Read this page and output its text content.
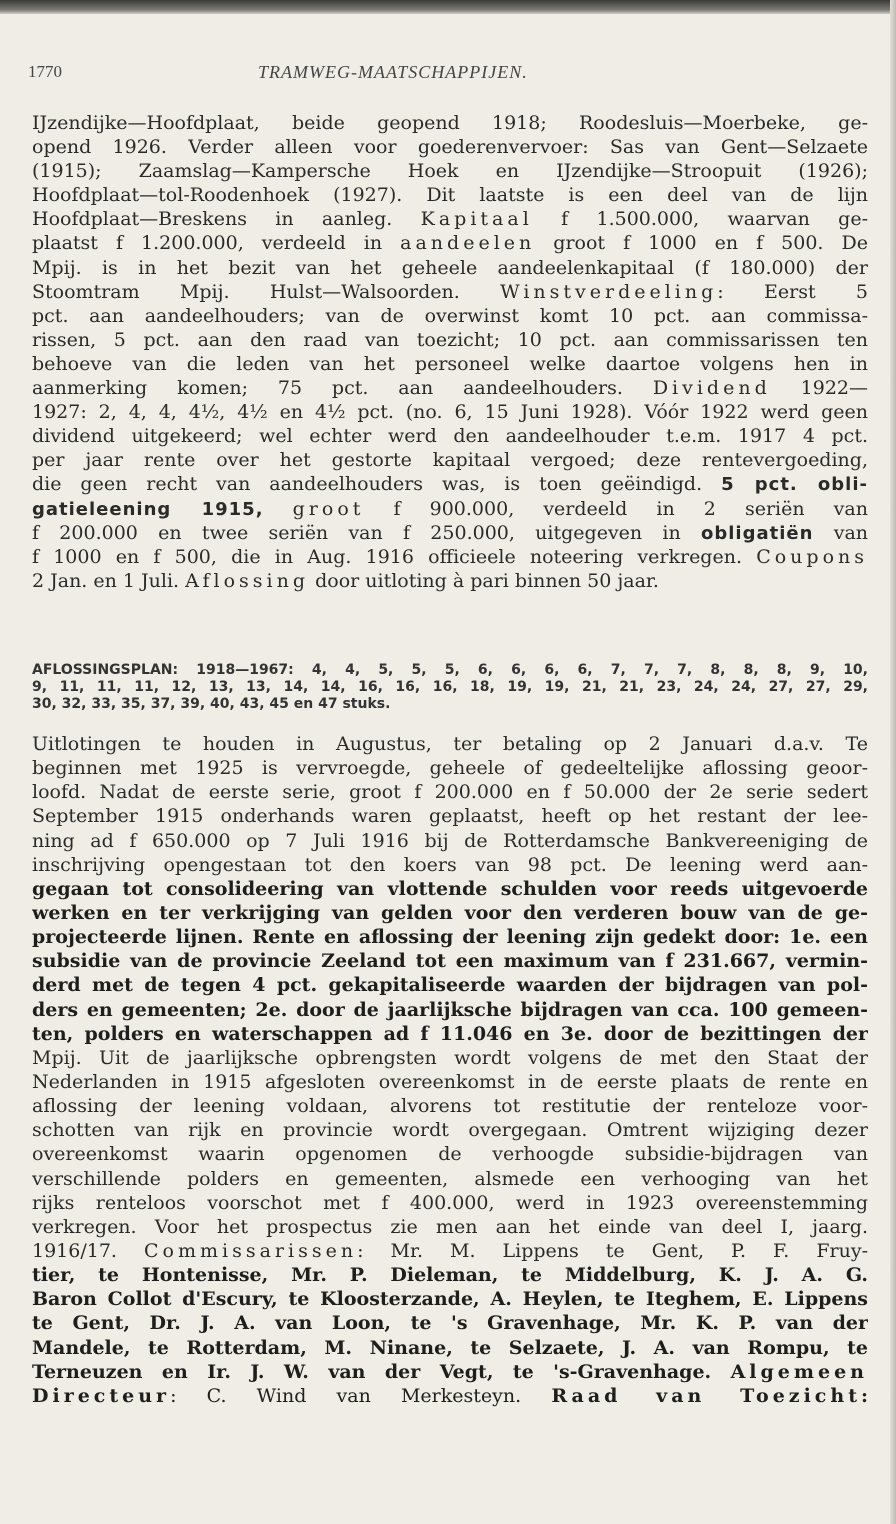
1770	TRAMWEG-MAATSCHAPPIJEN.
IJzendijke—Hoofdplaat, beide geopend 1918; Roodesluis—Moerbeke, ge-
opend 1926. Verder alleen voor goederenvervoer: Sas van Gent—Selzaete
(1915); Zaamslag—Kampersche Hoek en IJzendijke—Stroopuit (1926);
Hoofdplaat—tol-Roodenhoek (1927). Dit laatste is een deel van de lijn
Hoofdplaat—Breskens in aanleg. Kapitaal f 1.500.000, waarvan ge-
plaatst f 1.200.000, verdeeld in aandeelen groot f 1000 en f 500. De
Mpij. is in het bezit van het geheele aandeelenkapitaal (f 180.000) der
Stoomtram Mpij. Hulst—Walsoorden. Winstverdeeling: Eerst 5
pct. aan aandeelhouders; van de overwinst komt 10 pct. aan commissa-
rissen, 5 pct. aan den raad van toezicht; 10 pct. aan commissarissen ten
behoeve van die leden van het personeel welke daartoe volgens hen in
aanmerking komen; 75 pct. aan aandeelhouders. Dividend 1922—
1927: 2, 4, 4, 4½, 4½ en 4½ pct. (no. 6, 15 Juni 1928). Vóór 1922 werd geen
dividend uitgekeerd; wel echter werd den aandeelhouder t.e.m. 1917 4 pct.
per jaar rente over het gestorte kapitaal vergoed; deze rentevergoeding,
die geen recht van aandeelhouders was, is toen geëindigd. 5 pct. obli-
gatieleening 1915, groot f 900.000, verdeeld in 2 seriën van
f 200.000 en twee seriën van f 250.000, uitgegeven in obligatiën van
f 1000 en f 500, die in Aug. 1916 officieele noteering verkregen. Coupons
2 Jan. en 1 Juli. Aflossing door uitloting à pari binnen 50 jaar.
AFLOSSINGSPLAN: 1918—1967: 4, 4, 5, 5, 5, 6, 6, 6, 6, 7, 7, 7, 8, 8, 8, 9, 10,
9, 11, 11, 11, 12, 13, 13, 14, 14, 16, 16, 16, 18, 19, 19, 21, 21, 23, 24, 24, 27, 27, 29,
30, 32, 33, 35, 37, 39, 40, 43, 45 en 47 stuks.
Uitlotingen te houden in Augustus, ter betaling op 2 Januari d.a.v. Te
beginnen met 1925 is vervroegde, geheele of gedeeltelijke aflossing geoor-
loofd. Nadat de eerste serie, groot f 200.000 en f 50.000 der 2e serie sedert
September 1915 onderhands waren geplaatst, heeft op het restant der lee-
ning ad f 650.000 op 7 Juli 1916 bij de Rotterdamsche Bankvereeniging de
inschrijving opengestaan tot den koers van 98 pct. De leening werd aan-
gegaan tot consolideering van vlottende schulden voor reeds uitgevoerde
werken en ter verkrijging van gelden voor den verderen bouw van de ge-
projecteerde lijnen. Rente en aflossing der leening zijn gedekt door: 1e. een
subsidie van de provincie Zeeland tot een maximum van f 231.667, vermin-
derd met de tegen 4 pct. gekapitaliseerde waarden der bijdragen van pol-
ders en gemeenten; 2e. door de jaarlijksche bijdragen van cca. 100 gemeen-
ten, polders en waterschappen ad f 11.046 en 3e. door de bezittingen der
Mpij. Uit de jaarlijksche opbrengsten wordt volgens de met den Staat der
Nederlanden in 1915 afgesloten overeenkomst in de eerste plaats de rente en
aflossing der leening voldaan, alvorens tot restitutie der renteloze voor-
schotten van rijk en provincie wordt overgegaan. Omtrent wijziging dezer
overeenkomst waarin opgenomen de verhoogde subsidie-bijdragen van
verschillende polders en gemeenten, alsmede een verhooging van het
rijks renteloos voorschot met f 400.000, werd in 1923 overeenstemming
verkregen. Voor het prospectus zie men aan het einde van deel I, jaarg.
1916/17. Commissarissen: Mr. M. Lippens te Gent, P. F. Fruy-
tier, te Hontenisse, Mr. P. Dieleman, te Middelburg, K. J. A. G.
Baron Collot d'Escury, te Kloosterzande, A. Heylen, te Iteghem, E. Lippens
te Gent, Dr. J. A. van Loon, te 's Gravenhage, Mr. K. P. van der
Mandele, te Rotterdam, M. Ninane, te Selzaete, J. A. van Rompu, te
Terneuzen en Ir. J. W. van der Vegt, te 's-Gravenhage. Algemeen
Directeur: C. Wind van Merkesteyn. Raad van Toezicht:
